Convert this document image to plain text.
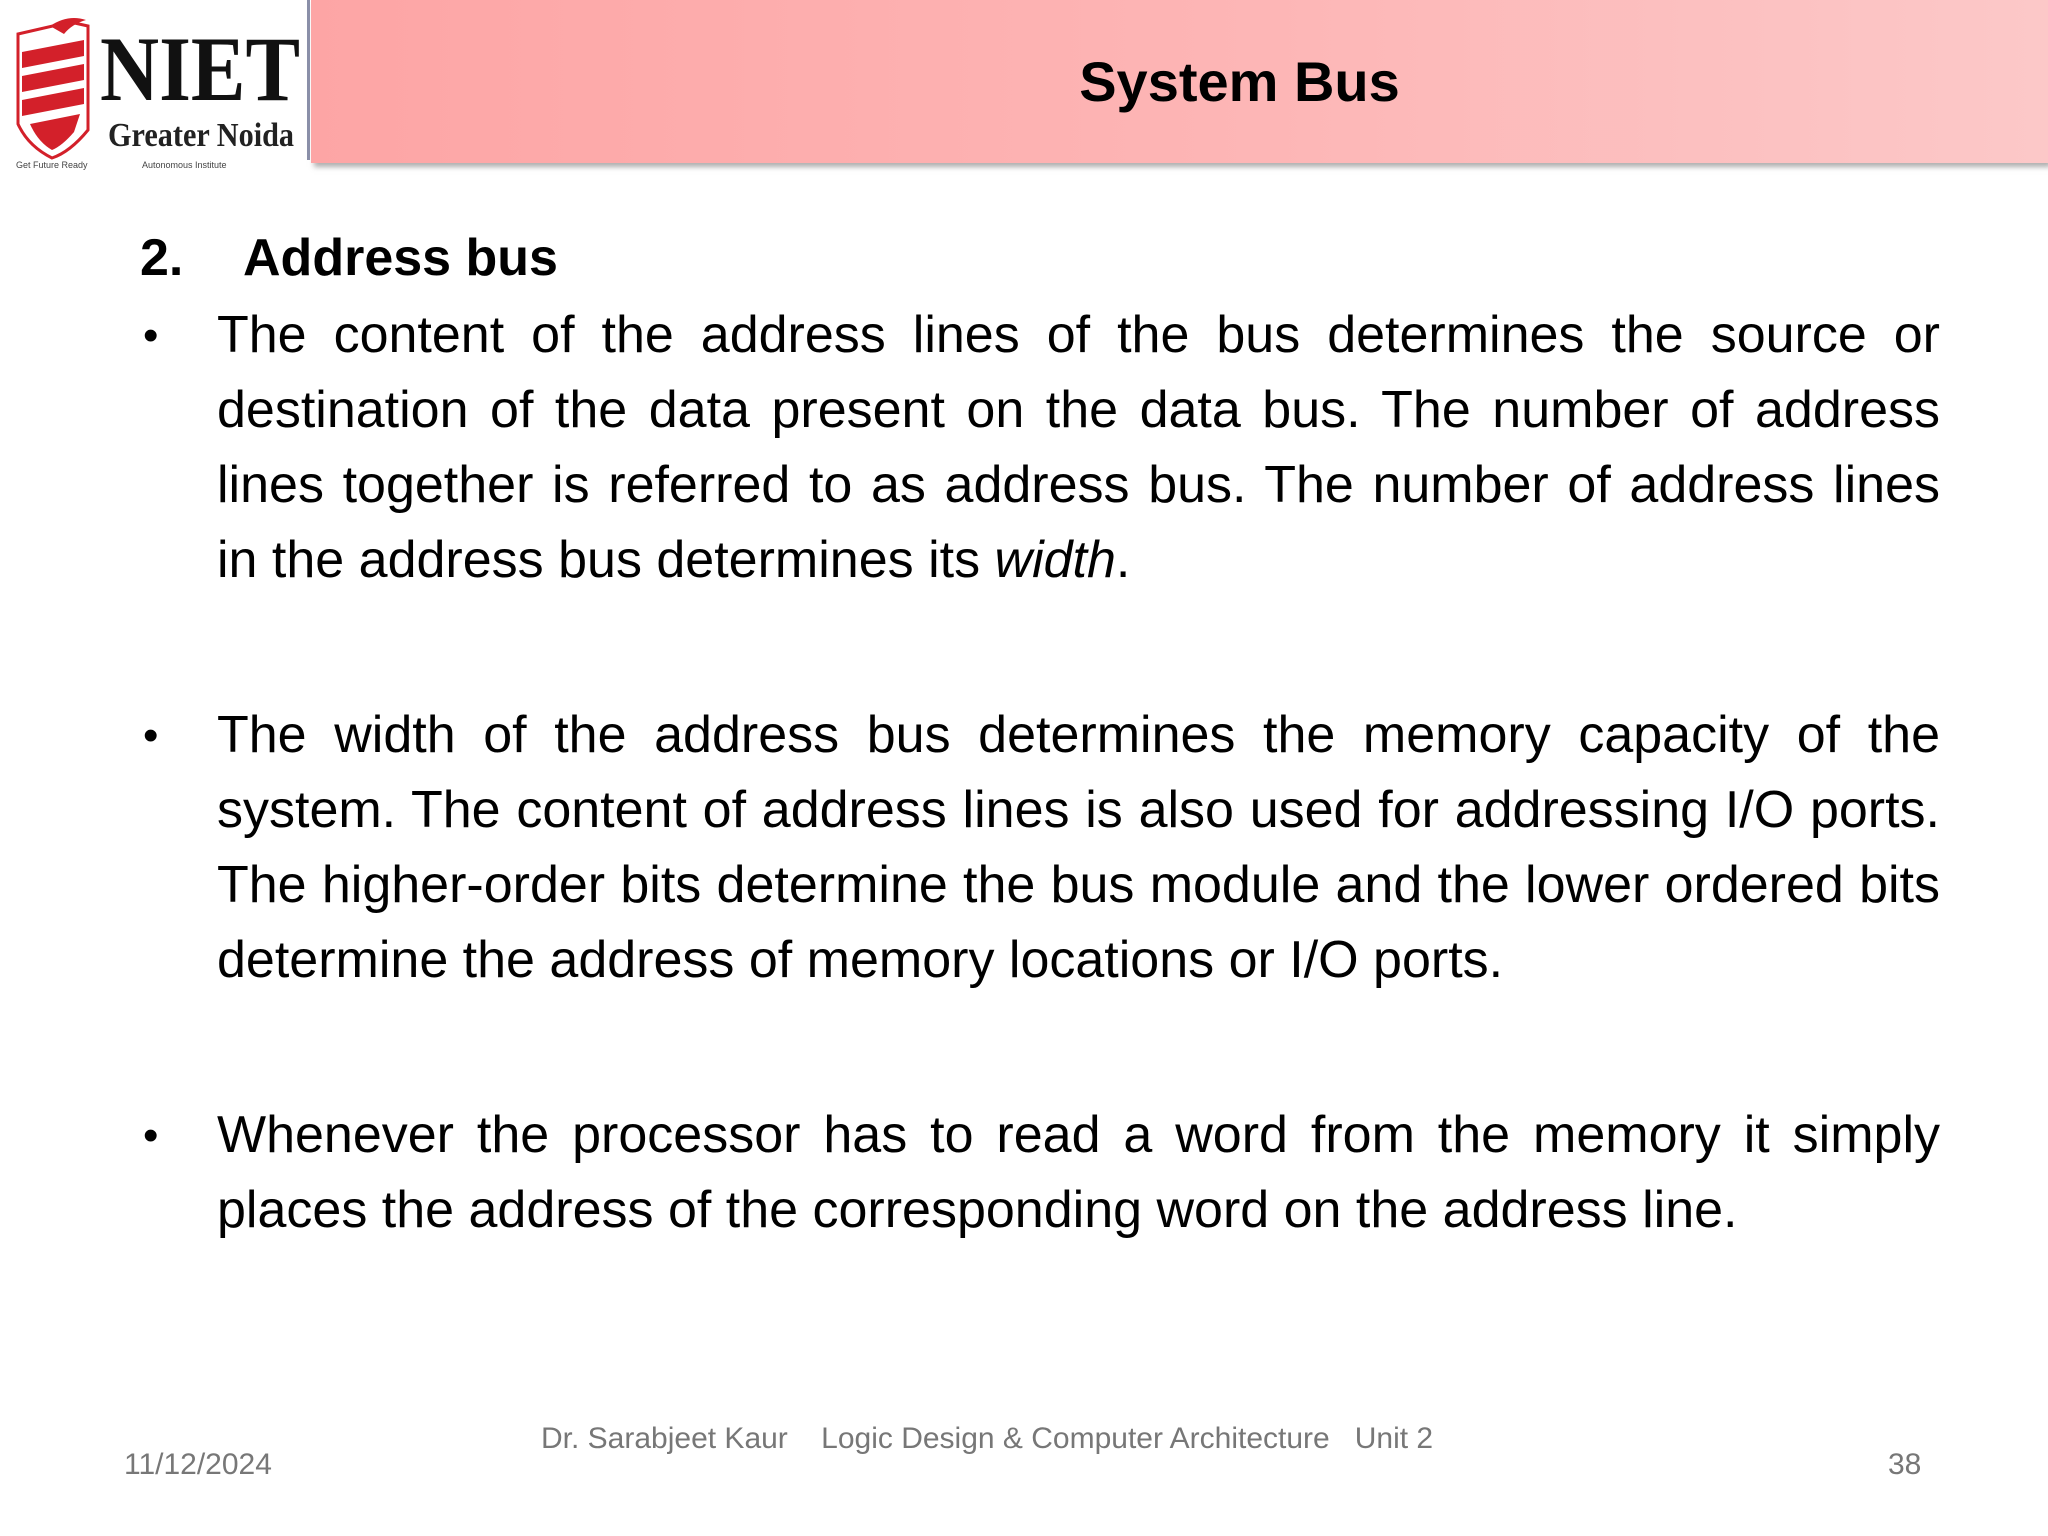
NIET
Greater Noida
Get Future Ready	Autonomous Institute
System Bus
2.	Address bus
• The content of the address lines of the bus determines the source or destination of the data present on the data bus. The number of address lines together is referred to as address bus. The number of address lines in the address bus determines its width.
• The width of the address bus determines the memory capacity of the system. The content of address lines is also used for addressing I/O ports. The higher-order bits determine the bus module and the lower ordered bits determine the address of memory locations or I/O ports.
• Whenever the processor has to read a word from the memory it simply places the address of the corresponding word on the address line.
Dr. Sarabjeet Kaur    Logic Design & Computer Architecture   Unit 2
11/12/2024	38
